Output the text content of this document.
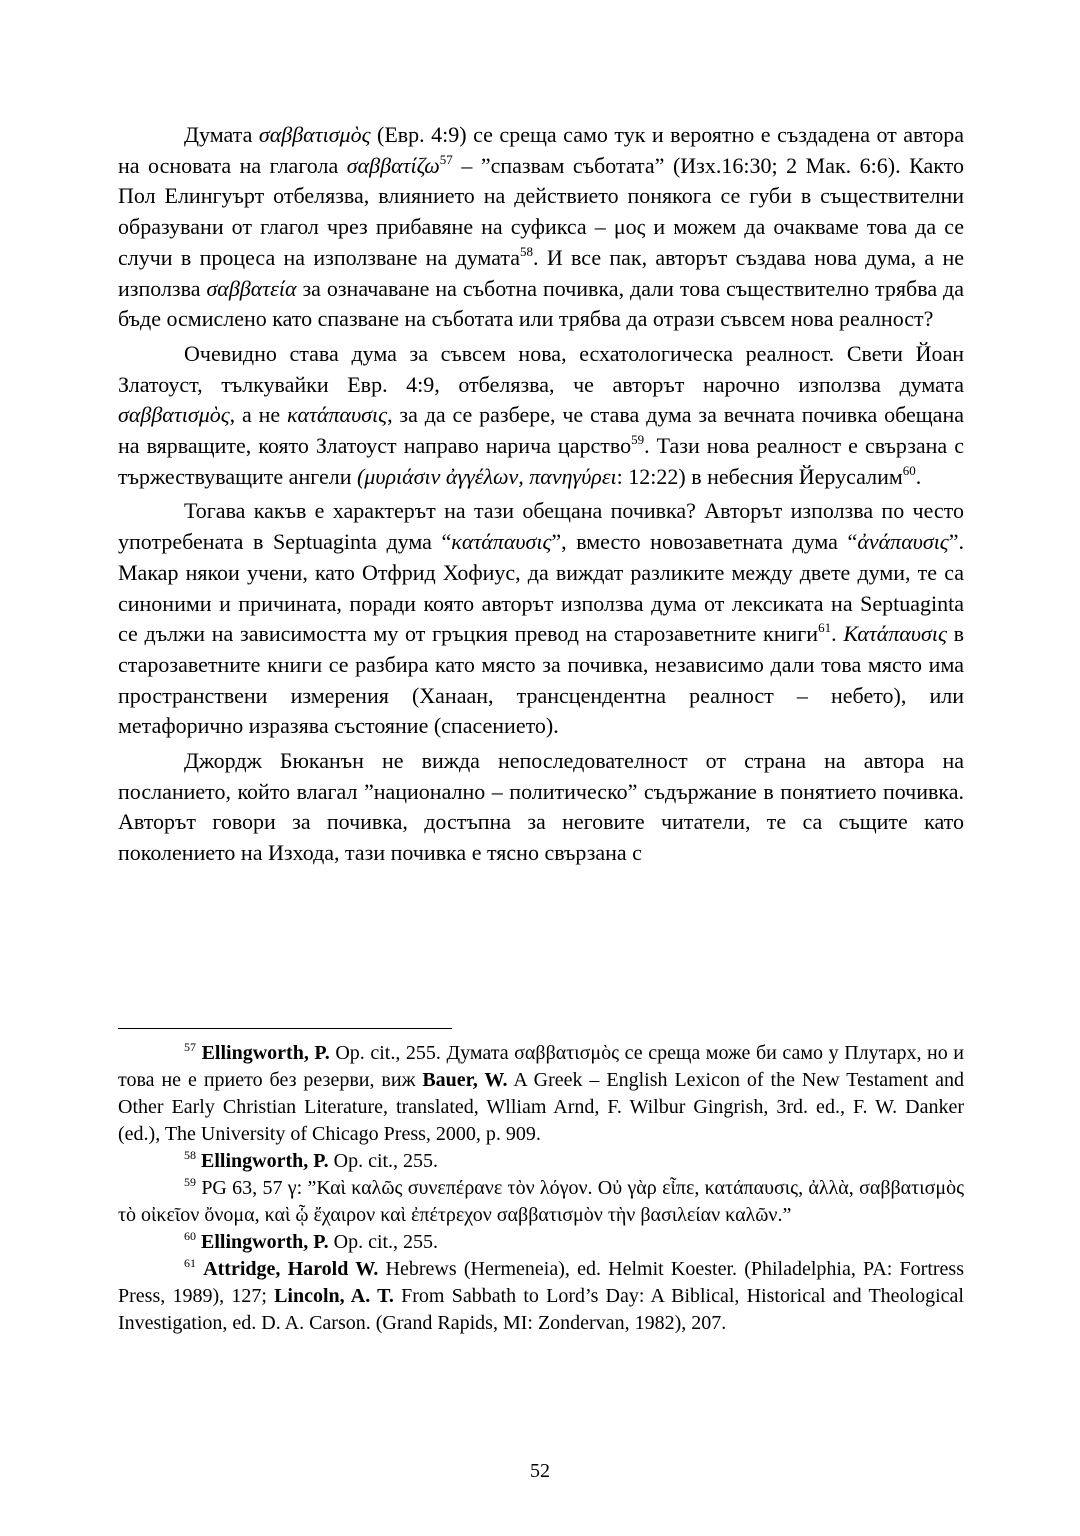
Думата σαββατισμὸς (Евр. 4:9) се среща само тук и вероятно е създадена от автора на основата на глагола σαββατίζω$^{57}$ – ”спазвам съботата” (Изх.16:30; 2 Мак. 6:6). Както Пол Елингуърт отбелязва, влиянието на действието понякога се губи в съществителни образувани от глагол чрез прибавяне на суфикса – μος и можем да очакваме това да се случи в процеса на използване на думата$^{58}$. И все пак, авторът създава нова дума, а не използва σαββατεία за означаване на съботна почивка, дали това съществително трябва да бъде осмислено като спазване на съботата или трябва да отрази съвсем нова реалност?

Очевидно става дума за съвсем нова, есхатологическа реалност. Свети Йоан Златоуст, тълкувайки Евр. 4:9, отбелязва, че авторът нарочно използва думата σαββατισμὸς, а не κατάπαυσις, за да се разбере, че става дума за вечната почивка обещана на вярващите, която Златоуст направо нарича царство$^{59}$. Тази нова реалност е свързана с тържествуващите ангели (μυριάσιν ἀγγέλων, πανηγύρει: 12:22) в небесния Йерусалим$^{60}$.

Тогава какъв е характерът на тази обещана почивка? Авторът използва по често употребената в Septuaginta дума “κατάπαυσις”, вместо новозаветната дума “ἀνάπαυσις”. Макар някои учени, като Отфрид Хофиус, да виждат разликите между двете думи, те са синоними и причината, поради която авторът използва дума от лексиката на Septuaginta се дължи на зависимостта му от гръцкия превод на старозаветните книги$^{61}$. Κατάπαυσις в старозаветните книги се разбира като място за почивка, независимо дали това място има пространствени измерения (Ханаан, трансцендентна реалност – небето), или метафорично изразява състояние (спасението).

Джордж Бюканън не вижда непоследователност от страна на автора на посланието, който влагал ”национално – политическо” съдържание в понятието почивка. Авторът говори за почивка, достъпна за неговите читатели, те са същите като поколението на Изхода, тази почивка е тясно свързана с

$^{57}$ Ellingworth, P. Op. cit., 255. Думата σαββατισμὸς се среща може би само у Плутарх, но и това не е прието без резерви, виж Bauer, W. A Greek – English Lexicon of the New Testament and Other Early Christian Literature, translated, Wlliam Arnd, F. Wilbur Gingrish, 3rd. ed., F. W. Danker (ed.), The University of Chicago Press, 2000, p. 909.

$^{58}$ Ellingworth, P. Op. cit., 255.

$^{59}$ PG 63, 57 γ: ”Καὶ καλῶς συνεπέρανε τὸν λόγον. Οὐ γὰρ εἶπε, κατάπαυσις, ἀλλὰ, σαββατισμὸς τὸ οἰκεῖον ὄνομα, καὶ ᾧ ἔχαιρον καὶ ἐπέτρεχον σαββατισμὸν τὴν βασιλείαν καλῶν.”

$^{60}$ Ellingworth, P. Op. cit., 255.

$^{61}$ Attridge, Harold W. Hebrews (Hermeneia), ed. Helmit Koester. (Philadelphia, PA: Fortress Press, 1989), 127; Lincoln, A. T. From Sabbath to Lord’s Day: A Biblical, Historical and Theological Investigation, ed. D. A. Carson. (Grand Rapids, MI: Zondervan, 1982), 207.

52
